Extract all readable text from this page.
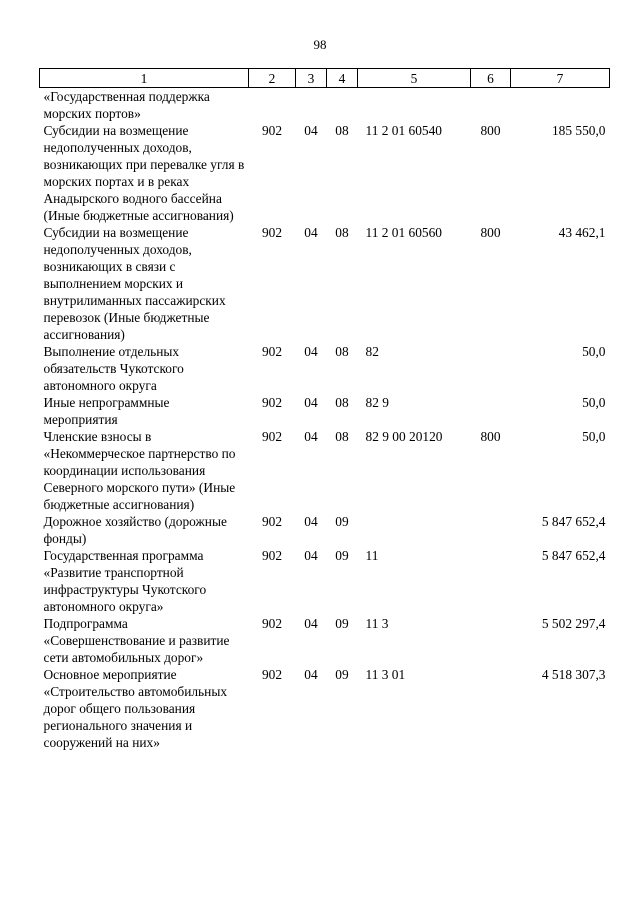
98
1	2	3	4	5	6	7
«Государственная поддержка морских портов»						
Субсидии на возмещение недополученных доходов, возникающих при перевалке угля в морских портах и в реках Анадырского водного бассейна (Иные бюджетные ассигнования)	902	04	08	11 2 01 60540	800	185 550,0
Субсидии на возмещение недополученных доходов, возникающих в связи с выполнением морских и внутрилиманных пассажирских перевозок (Иные бюджетные ассигнования)	902	04	08	11 2 01 60560	800	43 462,1
Выполнение отдельных обязательств Чукотского автономного округа	902	04	08	82		50,0
Иные непрограммные мероприятия	902	04	08	82 9		50,0
Членские взносы в «Некоммерческое партнерство по координации использования Северного морского пути» (Иные бюджетные ассигнования)	902	04	08	82 9 00 20120	800	50,0
Дорожное хозяйство (дорожные фонды)	902	04	09			5 847 652,4
Государственная программа «Развитие транспортной инфраструктуры Чукотского автономного округа»	902	04	09	11		5 847 652,4
Подпрограмма «Совершенствование и развитие сети автомобильных дорог»	902	04	09	11 3		5 502 297,4
Основное мероприятие «Строительство автомобильных дорог общего пользования регионального значения и сооружений на них»	902	04	09	11 3 01		4 518 307,3
